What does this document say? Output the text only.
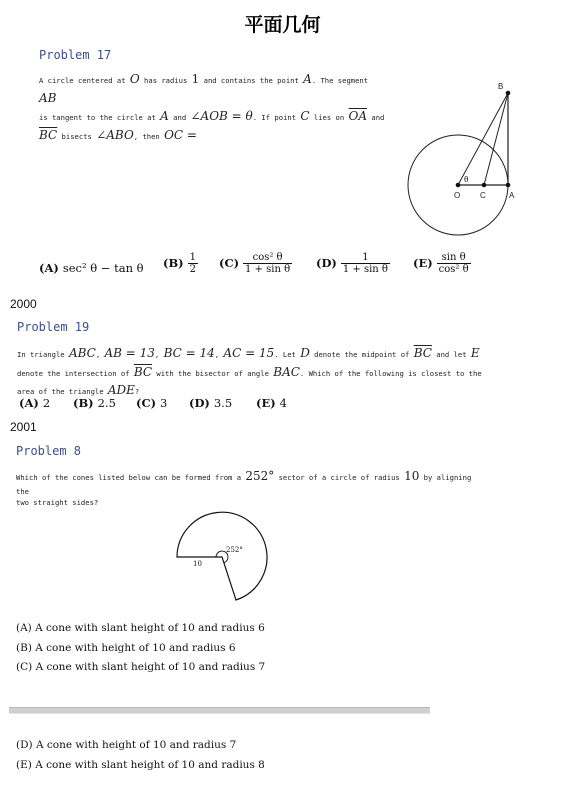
平面几何
Problem 17
A circle centered at O has radius 1 and contains the point A. The segment AB
is tangent to the circle at A and ∠AOB = θ. If point C lies on $\overline{OA}$ and
$\overline{BC}$ bisects ∠ABO, then OC =
B
O C	A
θ
(A) sec² θ − tan θ $(B) \frac{1}{2} (C) \frac{\text{cos² θ}}{\text{1 + sin θ}} (D) \frac{1}{\text{1 + sin θ}} (E) \frac{\text{sin θ}}{\text{cos² θ}}$
2000
Problem 19
In triangle ABC, AB = 13, BC = 14, AC = 15. Let D denote the midpoint of $\overline{BC}$ and let E
denote the intersection of $\overline{BC}$ with the bisector of angle BAC. Which of the following is closest to the
area of the triangle ADE?
(A) 2 (B) 2.5 (C) 3 (D) 3.5 (E) 4
2001
Problem 8
Which of the cones listed below can be formed from a 252° sector of a circle of radius 10 by aligning the
two straight sides?
252°
10
(A) A cone with slant height of 10 and radius 6
(B) A cone with height of 10 and radius 6
(C) A cone with slant height of 10 and radius 7
(D) A cone with height of 10 and radius 7
(E) A cone with slant height of 10 and radius 8
